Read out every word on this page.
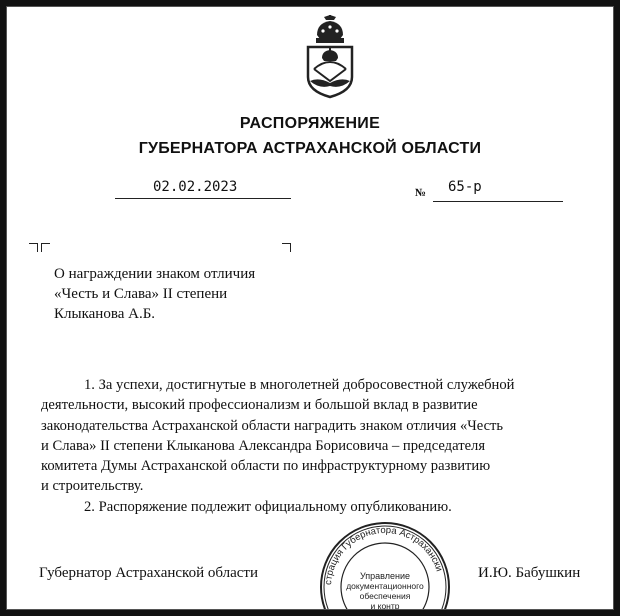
РАСПОРЯЖЕНИЕ
ГУБЕРНАТОРА АСТРАХАНСКОЙ ОБЛАСТИ
02.02.2023	№ 65-р
О награждении знаком отличия
«Честь и Слава» II степени
Клыканова А.Б.
1. За успехи, достигнутые в многолетней добросовестной служебной
деятельности, высокий профессионализм и большой вклад в развитие
законодательства Астраханской области наградить знаком отличия «Честь
и Слава» II степени Клыканова Александра Борисовича – председателя
комитета Думы Астраханской области по инфраструктурному развитию
и строительству.

2. Распоряжение подлежит официальному опубликованию.

Губернатор Астраханской области	И.Ю. Бабушкин
страция Губернатора Астрахански
Управление
документационного
обеспечения
и контр
